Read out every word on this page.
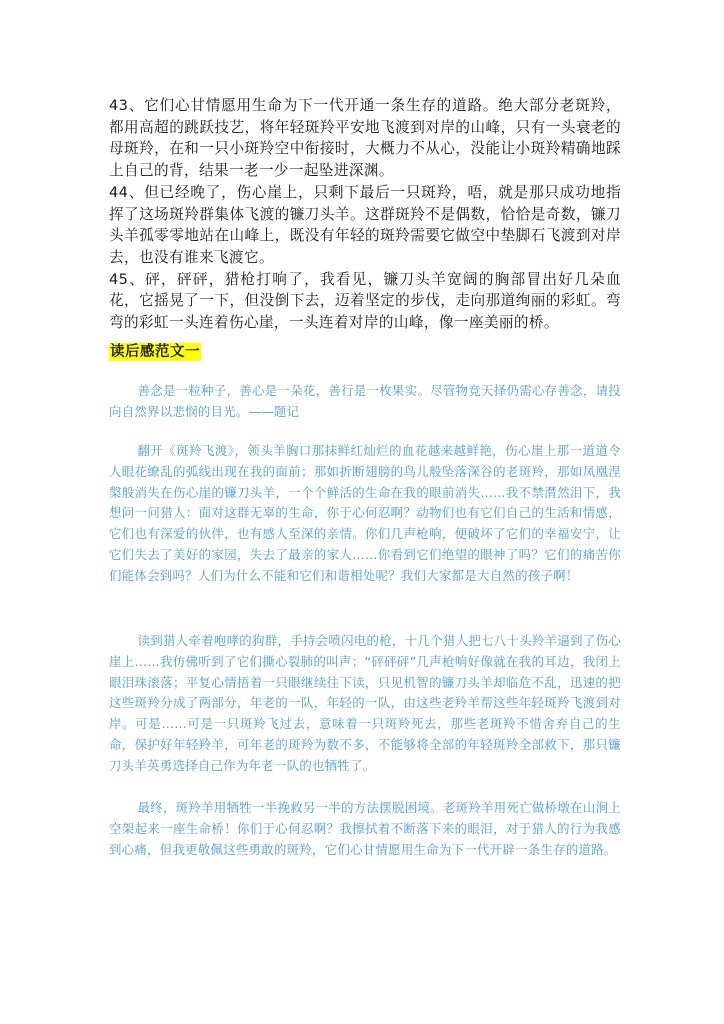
43、它们心甘情愿用生命为下一代开通一条生存的道路。绝大部分老斑羚，都用高超的跳跃技艺，将年轻斑羚平安地飞渡到对岸的山峰，只有一头衰老的母斑羚，在和一只小斑羚空中衔接时，大概力不从心，没能让小斑羚精确地踩上自己的背，结果一老一少一起坠进深渊。

44、但已经晚了，伤心崖上，只剩下最后一只斑羚，唔，就是那只成功地指挥了这场斑羚群集体飞渡的镰刀头羊。这群斑羚不是偶数，恰恰是奇数，镰刀头羊孤零零地站在山峰上，既没有年轻的斑羚需要它做空中垫脚石飞渡到对岸去，也没有谁来飞渡它。

45、砰，砰砰，猎枪打响了，我看见，镰刀头羊宽阔的胸部冒出好几朵血花，它摇晃了一下，但没倒下去，迈着坚定的步伐，走向那道绚丽的彩虹。弯弯的彩虹一头连着伤心崖，一头连着对岸的山峰，像一座美丽的桥。

读后感范文一

善念是一粒种子，善心是一朵花，善行是一枚果实。尽管物竞天择仍需心存善念，请投向自然界以悲悯的目光。——题记

翻开《斑羚飞渡》，领头羊胸口那抹鲜红灿烂的血花越来越鲜艳，伤心崖上那一道道令人眼花缭乱的弧线出现在我的面前；那如折断翅膀的鸟儿般坠落深谷的老斑羚，那如凤凰涅槃般消失在伤心崖的镰刀头羊，一个个鲜活的生命在我的眼前消失……我不禁潸然泪下，我想问一问猎人：面对这群无辜的生命，你于心何忍啊？动物们也有它们自己的生活和情感，它们也有深爱的伙伴，也有感人至深的亲情。你们几声枪响，便破坏了它们的幸福安宁，让它们失去了美好的家园，失去了最亲的家人……你看到它们绝望的眼神了吗？它们的痛苦你们能体会到吗？人们为什么不能和它们和谐相处呢？我们大家都是大自然的孩子啊！

读到猎人牵着咆哮的狗群，手持会喷闪电的枪，十几个猎人把七八十头羚羊逼到了伤心崖上……我仿佛听到了它们撕心裂肺的叫声；“砰砰砰”几声枪响好像就在我的耳边，我闭上眼泪珠滚落；平复心情捂着一只眼继续往下读，只见机智的镰刀头羊却临危不乱，迅速的把这些斑羚分成了两部分，年老的一队，年轻的一队，由这些老羚羊帮这些年轻斑羚飞渡到对岸。可是……可是一只斑羚飞过去，意味着一只斑羚死去，那些老斑羚不惜舍弃自己的生命，保护好年轻羚羊，可年老的斑羚为数不多，不能够将全部的年轻斑羚全部救下，那只镰刀头羊英勇选择自己作为年老一队的也牺牲了。

最终，斑羚羊用牺牲一半挽救另一半的方法摆脱困境。老斑羚羊用死亡做桥墩在山涧上空架起来一座生命桥！你们于心何忍啊？我擦拭着不断落下来的眼泪，对于猎人的行为我感到心痛，但我更敬佩这些勇敢的斑羚，它们心甘情愿用生命为下一代开辟一条生存的道路。
